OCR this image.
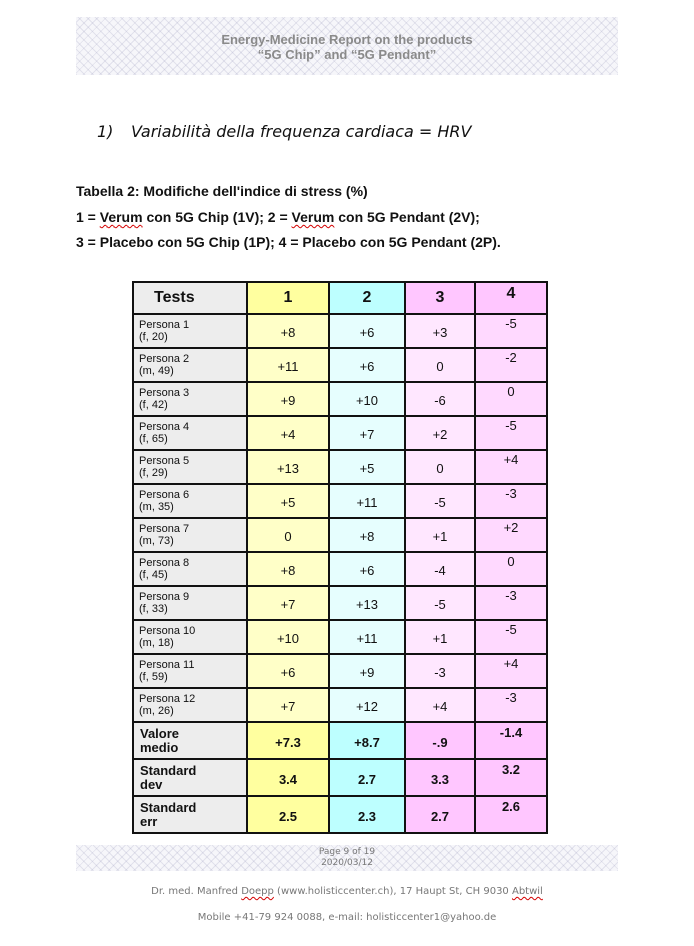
Energy-Medicine Report on the products
“5G Chip” and “5G Pendant”
1) Variabilità della frequenza cardiaca = HRV
Tabella 2: Modifiche dell'indice di stress (%)
1 = Verum con 5G Chip (1V); 2 = Verum con 5G Pendant (2V);
3 = Placebo con 5G Chip (1P); 4 = Placebo con 5G Pendant (2P).
Tests	1	2	3	4

Persona 1
(f, 20)	+8	+6	+3	-5

Persona 2
(m, 49)	+11	+6	0	-2

Persona 3
(f, 42)	+9	+10	-6	0

Persona 4
(f, 65)	+4	+7	+2	-5

Persona 5
(f, 29)	+13	+5	0	+4

Persona 6
(m, 35)	+5	+11	-5	-3

Persona 7
(m, 73)	0	+8	+1	+2

Persona 8
(f, 45)	+8	+6	-4	0

Persona 9
(f, 33)	+7	+13	-5	-3

Persona 10
(m, 18)	+10	+11	+1	-5

Persona 11
(f, 59)	+6	+9	-3	+4

Persona 12
(m, 26)	+7	+12	+4	-3

Valore
medio	+7.3	+8.7	-.9	-1.4

Standard
dev	3.4	2.7	3.3	3.2

Standard
err	2.5	2.3	2.7	2.6
Page 9 of 19
2020/03/12
Dr. med. Manfred Doepp (www.holisticcenter.ch), 17 Haupt St, CH 9030 Abtwil
Mobile +41-79 924 0088, e-mail: holisticcenter1@yahoo.de
